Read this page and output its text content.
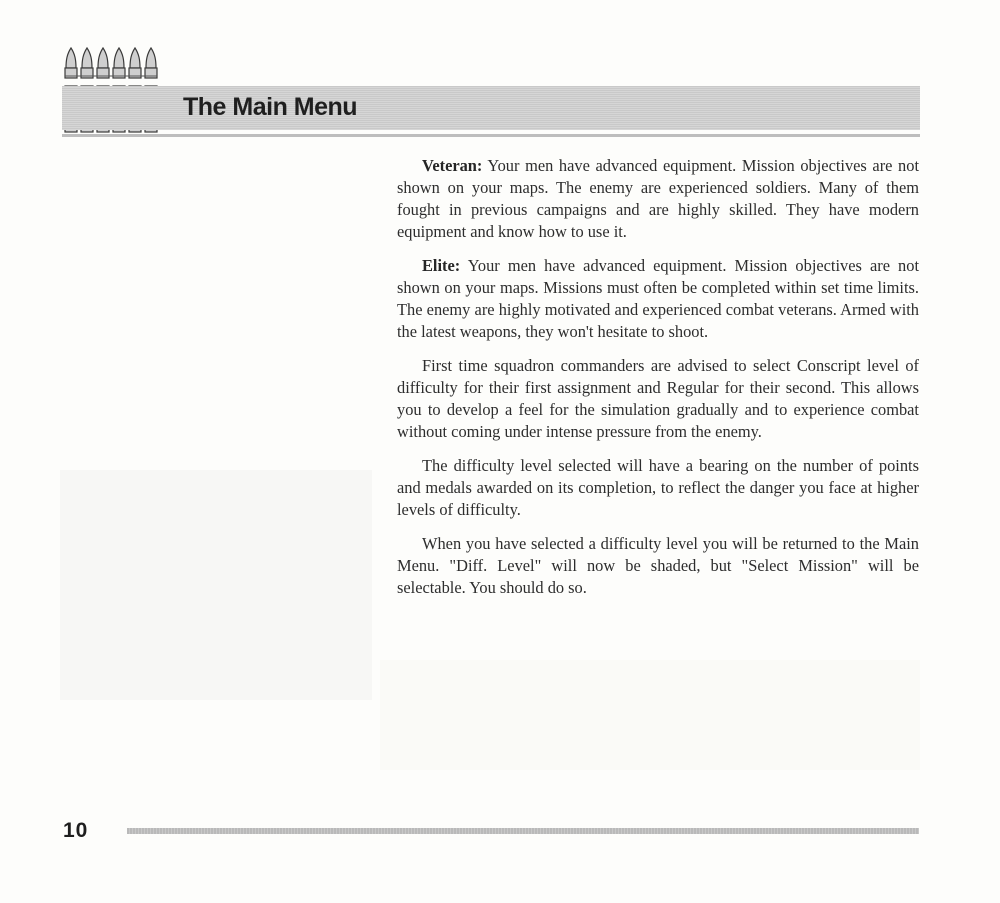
The Main Menu

Veteran: Your men have advanced equipment. Mission objectives are not shown on your maps. The enemy are experienced soldiers. Many of them fought in previous campaigns and are highly skilled. They have modern equipment and know how to use it.

Elite: Your men have advanced equipment. Mission objectives are not shown on your maps. Missions must often be completed within set time limits. The enemy are highly motivated and experienced combat veterans. Armed with the latest weapons, they won't hesitate to shoot.

First time squadron commanders are advised to select Conscript level of difficulty for their first assignment and Regular for their second. This allows you to develop a feel for the simulation gradually and to experience combat without coming under intense pressure from the enemy.

The difficulty level selected will have a bearing on the number of points and medals awarded on its completion, to reflect the danger you face at higher levels of difficulty.

When you have selected a difficulty level you will be returned to the Main Menu. "Diff. Level" will now be shaded, but "Select Mission" will be selectable. You should do so.

10
